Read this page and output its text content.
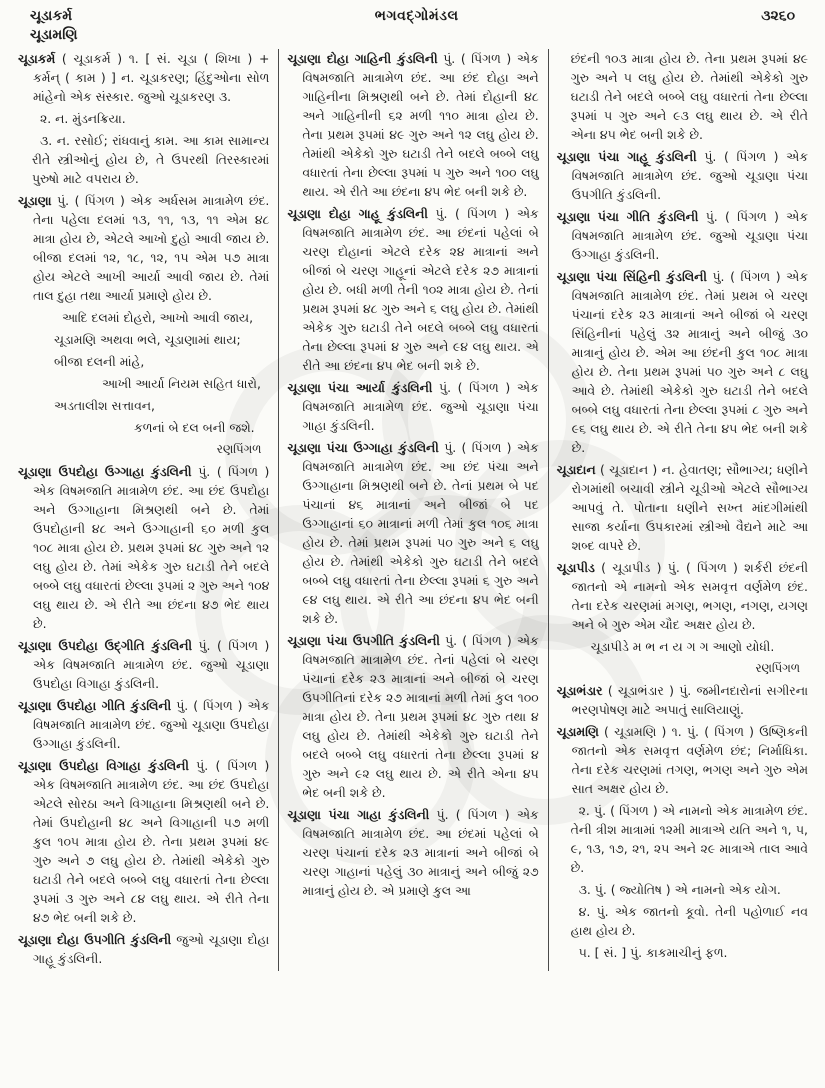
ચૂડાકર્મ	ભગવદ્ગોમંડલ	૩૨૬૦
ચૂડામણિ

ચૂડાકર્મ ( ચૂડાકર્મ ) ૧. [ સં. ચૂડા ( શિખા ) + કર્મન્ ( કામ ) ] ન. ચૂડાકરણ; હિંદુઓના સોળ માંહેનો એક સંસ્કાર. જુઓ ચૂડાકરણ ૩.

૨. ન. મુંડનક્રિયા.

૩. ન. રસોઈ; રાંધવાનું કામ. આ કામ સામાન્ય રીતે સ્ત્રીઓનું હોય છે, તે ઉપરથી તિરસ્કારમાં પુરુષો માટે વપરાય છે.

ચૂડાણા પું. ( પિંગળ ) એક અર્ધસમ માત્રામેળ છંદ. તેના પહેલા દલમાં ૧૩, ૧૧, ૧૩, ૧૧ એમ ૪૮ માત્રા હોય છે, એટલે આખો દુહો આવી જાય છે. બીજા દલમાં ૧૨, ૧૮, ૧૨, ૧૫ એમ ૫૭ માત્રા હોય એટલે આખી આર્યા આવી જાય છે. તેમાં તાલ દુહા તથા આર્યા પ્રમાણે હોય છે.

આદિ દલમાં દોહરો, આખો આવી જાય,

ચૂડામણિ અથવા ભલે, ચૂડાણામાં થાય;

બીજા દલની માંહે,

આખી આર્યા નિયમ સહિત ધારો,

અડતાલીશ સત્તાવન,

કળનાં બે દલ બની જશે.

રણપિંગળ

ચૂડાણા ઉપદોહા ઉગ્ગાહા કુંડલિની પું. ( પિંગળ ) એક વિષમજાતિ માત્રામેળ છંદ. આ છંદ ઉપદોહા અને ઉગ્ગાહાના મિશ્રણથી બને છે. તેમાં ઉપદોહાની ૪૮ અને ઉગ્ગાહાની ૬૦ મળી કુલ ૧૦૮ માત્રા હોય છે. પ્રથમ રૂપમાં ૪૮ ગુરુ અને ૧૨ લઘુ હોય છે. તેમાં એકેક ગુરુ ઘટાડી તેને બદલે બબ્બે લઘુ વધારતાં છેલ્લા રૂપમાં ૨ ગુરુ અને ૧૦૪ લઘુ થાય છે. એ રીતે આ છંદના ૪૭ ભેદ થાય છે.

ચૂડાણા ઉપદોહા ઉદ્‌ગીતિ કુંડલિની પું. ( પિંગળ ) એક વિષમજાતિ માત્રામેળ છંદ. જુઓ ચૂડાણા ઉપદોહા વિગાહા કુંડલિની.

ચૂડાણા ઉપદોહા ગીતિ કુંડલિની પું. ( પિંગળ ) એક વિષમજાતિ માત્રામેળ છંદ. જુઓ ચૂડાણા ઉપદોહા ઉગ્ગાહા કુંડલિની.

ચૂડાણા ઉપદોહા વિગાહા કુંડલિની પું. ( પિંગળ ) એક વિષમજાતિ માત્રામેળ છંદ. આ છંદ ઉપદોહા એટલે સોરઠા અને વિગાહાના મિશ્રણથી બને છે. તેમાં ઉપદોહાની ૪૮ અને વિગાહાની ૫૭ મળી કુલ ૧૦૫ માત્રા હોય છે. તેના પ્રથમ રૂપમાં ૪૯ ગુરુ અને ૭ લઘુ હોય છે. તેમાંથી એકેકો ગુરુ ઘટાડી તેને બદલે બબ્બે લઘુ વધારતાં તેના છેલ્લા રૂપમાં ૩ ગુરુ અને ૮૪ લઘુ થાય. એ રીતે તેના ૪૭ ભેદ બની શકે છે.

ચૂડાણા દોહા ઉપગીતિ કુંડલિની જુઓ ચૂડાણા દોહા ગાહૂ કુંડલિની.

ચૂડાણા દોહા ગાહિની કુંડલિની પું. ( પિંગળ ) એક વિષમજાતિ માત્રામેળ છંદ. આ છંદ દોહા અને ગાહિનીના મિશ્રણથી બને છે. તેમાં દોહાની ૪૮ અને ગાહિનીની ૬૨ મળી ૧૧૦ માત્રા હોય છે. તેના પ્રથમ રૂપમાં ૪૯ ગુરુ અને ૧૨ લઘુ હોય છે. તેમાંથી એકેકો ગુરુ ઘટાડી તેને બદલે બબ્બે લઘુ વધારતાં તેના છેલ્લા રૂપમાં ૫ ગુરુ અને ૧૦૦ લઘુ થાય. એ રીતે આ છંદના ૪૫ ભેદ બની શકે છે.

ચૂડાણા દોહા ગાહૂ કુંડલિની પું. ( પિંગળ ) એક વિષમજાતિ માત્રામેળ છંદ. આ છંદનાં પહેલાં બે ચરણ દોહાનાં એટલે દરેક ૨૪ માત્રાનાં અને બીજાં બે ચરણ ગાહૂનાં એટલે દરેક ૨૭ માત્રાનાં હોય છે. બધી મળી તેની ૧૦૨ માત્રા હોય છે. તેનાં પ્રથમ રૂપમાં ૪૮ ગુરુ અને ૬ લઘુ હોય છે. તેમાંથી એકેક ગુરુ ઘટાડી તેને બદલે બબ્બે લઘુ વધારતાં તેના છેલ્લા રૂપમાં ૪ ગુરુ અને ૯૪ લઘુ થાય. એ રીતે આ છંદના ૪૫ ભેદ બની શકે છે.

ચૂડાણા પંચા આર્યા કુંડલિની પું. ( પિંગળ ) એક વિષમજાતિ માત્રામેળ છંદ. જુઓ ચૂડાણા પંચા ગાહા કુંડલિની.

ચૂડાણા પંચા ઉગ્ગાહા કુંડલિની પું. ( પિંગળ ) એક વિષમજાતિ માત્રામેળ છંદ. આ છંદ પંચા અને ઉગ્ગાહાના મિશ્રણથી બને છે. તેનાં પ્રથમ બે પદ પંચાનાં ૪૬ માત્રાનાં અને બીજાં બે પદ ઉગ્ગાહાનાં ૬૦ માત્રાનાં મળી તેમાં કુલ ૧૦૬ માત્રા હોય છે. તેમાં પ્રથમ રૂપમાં ૫૦ ગુરુ અને ૬ લઘુ હોય છે. તેમાંથી એકેકો ગુરુ ઘટાડી તેને બદલે બબ્બે લઘુ વધારતાં તેના છેલ્લા રૂપમાં ૬ ગુરુ અને ૯૪ લઘુ થાય. એ રીતે આ છંદના ૪૫ ભેદ બની શકે છે.

ચૂડાણા પંચા ઉપગીતિ કુંડલિની પું. ( પિંગળ ) એક વિષમજાતિ માત્રામેળ છંદ. તેનાં પહેલાં બે ચરણ પંચાનાં દરેક ૨૩ માત્રાનાં અને બીજાં બે ચરણ ઉપગીતિનાં દરેક ૨૭ માત્રાનાં મળી તેમાં કુલ ૧૦૦ માત્રા હોય છે. તેના પ્રથમ રૂપમાં ૪૮ ગુરુ તથા ૪ લઘુ હોય છે. તેમાંથી એકેકો ગુરુ ઘટાડી તેને બદલે બબ્બે લઘુ વધારતાં તેના છેલ્લા રૂપમાં ૪ ગુરુ અને ૯૨ લઘુ થાય છે. એ રીતે એના ૪૫ ભેદ બની શકે છે.

ચૂડાણા પંચા ગાહા કુંડલિની પું. ( પિંગળ ) એક વિષમજાતિ માત્રામેળ છંદ. આ છંદમાં પહેલાં બે ચરણ પંચાનાં દરેક ૨૩ માત્રાનાં અને બીજાં બે ચરણ ગાહાનાં પહેલું ૩૦ માત્રાનું અને બીજું ૨૭ માત્રાનું હોય છે. એ પ્રમાણે કુલ આ

છંદની ૧૦૩ માત્રા હોય છે. તેના પ્રથમ રૂપમાં ૪૯ ગુરુ અને ૫ લઘુ હોય છે. તેમાંથી એકેકો ગુરુ ઘટાડી તેને બદલે બબ્બે લઘુ વધારતાં તેના છેલ્લા રૂપમાં ૫ ગુરુ અને ૯૩ લઘુ થાય છે. એ રીતે એના ૪૫ ભેદ બની શકે છે.

ચૂડાણા પંચા ગાહૂ કુંડલિની પું. ( પિંગળ ) એક વિષમજાતિ માત્રામેળ છંદ. જુઓ ચૂડાણા પંચા ઉપગીતિ કુંડલિની.

ચૂડાણા પંચા ગીતિ કુંડલિની પું. ( પિંગળ ) એક વિષમજાતિ માત્રામેળ છંદ. જુઓ ચૂડાણા પંચા ઉગ્ગાહા કુંડલિની.

ચૂડાણા પંચા સિંહિની કુંડલિની પું. ( પિંગળ ) એક વિષમજાતિ માત્રામેળ છંદ. તેમાં પ્રથમ બે ચરણ પંચાનાં દરેક ૨૩ માત્રાનાં અને બીજાં બે ચરણ સિંહિનીનાં પહેલું ૩૨ માત્રાનું અને બીજું ૩૦ માત્રાનું હોય છે. એમ આ છંદની કુલ ૧૦૮ માત્રા હોય છે. તેના પ્રથમ રૂપમાં ૫૦ ગુરુ અને ૮ લઘુ આવે છે. તેમાંથી એકેકો ગુરુ ઘટાડી તેને બદલે બબ્બે લઘુ વધારતાં તેના છેલ્લા રૂપમાં ૮ ગુરુ અને ૯૬ લઘુ થાય છે. એ રીતે તેના ૪૫ ભેદ બની શકે છે.

ચૂડાદાન ( ચૂડાદાન ) ન. હેવાતણ; સૌભાગ્ય; ધણીને રોગમાંથી બચાવી સ્ત્રીને ચૂડીઓ એટલે સૌભાગ્ય આપવું તે. પોતાના ધણીને સખ્ત માંદગીમાંથી સાજા કર્યાના ઉપકારમાં સ્ત્રીઓ વૈદ્યને માટે આ શબ્દ વાપરે છે.

ચૂડાપીડ ( ચૂડાપીડ ) પું. ( પિંગળ ) શર્કરી છંદની જાતનો એ નામનો એક સમવૃત્ત વર્ણમેળ છંદ. તેના દરેક ચરણમાં મગણ, ભગણ, નગણ, યગણ અને બે ગુરુ એમ ચૌદ અક્ષર હોય છે.

ચૂડાપીડે મ ભ ન ય ગ ગ આણો યોધી.

રણપિંગળ

ચૂડાભંડાર ( ચૂડાભંડાર ) પું. જમીનદારોનાં સગીરના ભરણપોષણ માટે અપાતું સાલિયાણું.

ચૂડામણિ ( ચૂડામણિ ) ૧. પું. ( પિંગળ ) ઉષ્ણિકની જાતનો એક સમવૃત્ત વર્ણમેળ છંદ; નિર્માધિકા. તેના દરેક ચરણમાં તગણ, ભગણ અને ગુરુ એમ સાત અક્ષર હોય છે.

૨. પું. ( પિંગળ ) એ નામનો એક માત્રામેળ છંદ. તેની ત્રીશ માત્રામાં ૧૨મી માત્રાએ યતિ અને ૧, ૫, ૯, ૧૩, ૧૭, ૨૧, ૨૫ અને ૨૯ માત્રાએ તાલ આવે છે.

૩. પું. ( જ્યોતિષ ) એ નામનો એક યોગ.

૪. પું. એક જાતનો કૂવો. તેની પહોળાઈ નવ હાથ હોય છે.

૫. [ સં. ] પું. કાકમાચીનું ફળ.
